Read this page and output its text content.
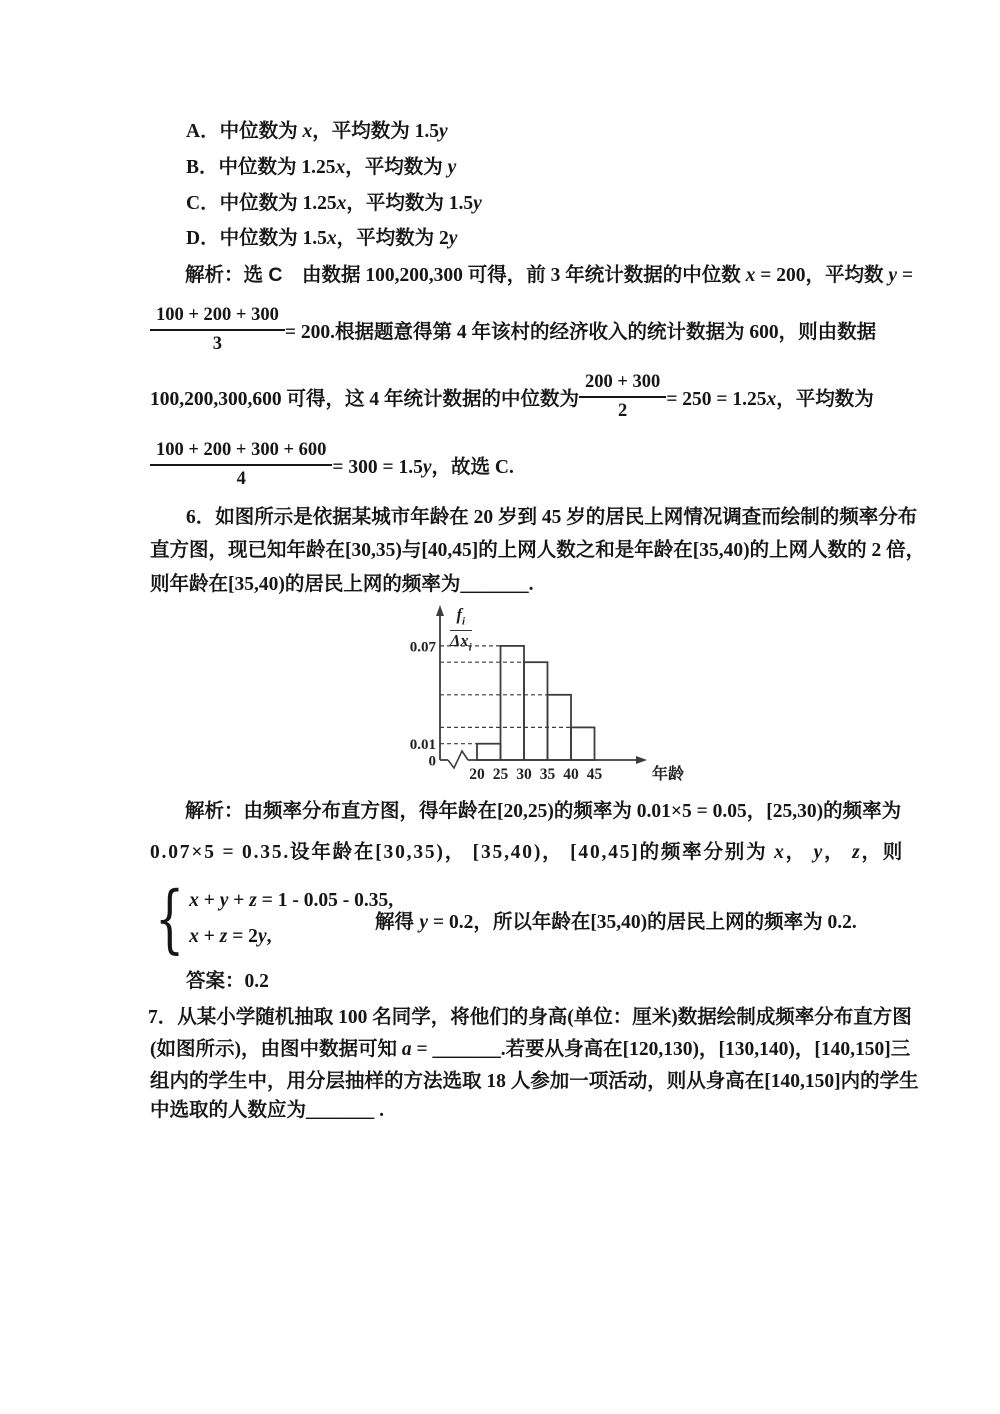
A．中位数为 x，平均数为 1.5y
B．中位数为 1.25x，平均数为 y
C．中位数为 1.25x，平均数为 1.5y
D．中位数为 1.5x，平均数为 2y
解析：选 C　由数据 100,200,300 可得，前 3 年统计数据的中位数 x = 200，平均数 y =
$\frac{100 + 200 + 300}{3} = 200$.根据题意得第 4 年该村的经济收入的统计数据为 600，则由数据
100,200,300,600 可得，这 4 年统计数据的中位数为 $\frac{200 + 300}{2} = 250 = 1.25x$，平均数为
$\frac{100 + 200 + 300 + 600}{4} = 300 = 1.5y$，故选 C.
6．如图所示是依据某城市年龄在 20 岁到 45 岁的居民上网情况调查而绘制的频率分布
直方图，现已知年龄在[30,35)与[40,45]的上网人数之和是年龄在[35,40)的上网人数的 2 倍，
则年龄在[35,40)的居民上网的频率为_______.
20 25 30 35 40 45	年龄
0.07
0.01
0
$f_i$
$\Delta x_i$
解析：由频率分布直方图，得年龄在[20,25)的频率为 0.01×5 = 0.05，[25,30)的频率为
0.07×5 = 0.35.设年龄在[30,35)， [35,40)， [40,45]的频率分别为 x， y， z，则
{ x + y + z = 1 - 0.05 - 0.35,
x + z = 2y,
解得 y = 0.2，所以年龄在[35,40)的居民上网的频率为 0.2.
答案：0.2
7．从某小学随机抽取 100 名同学，将他们的身高(单位：厘米)数据绘制成频率分布直方图
(如图所示)，由图中数据可知 a = _______.若要从身高在[120,130)，[130,140)，[140,150]三
组内的学生中，用分层抽样的方法选取 18 人参加一项活动，则从身高在[140,150]内的学生
中选取的人数应为_______ .
